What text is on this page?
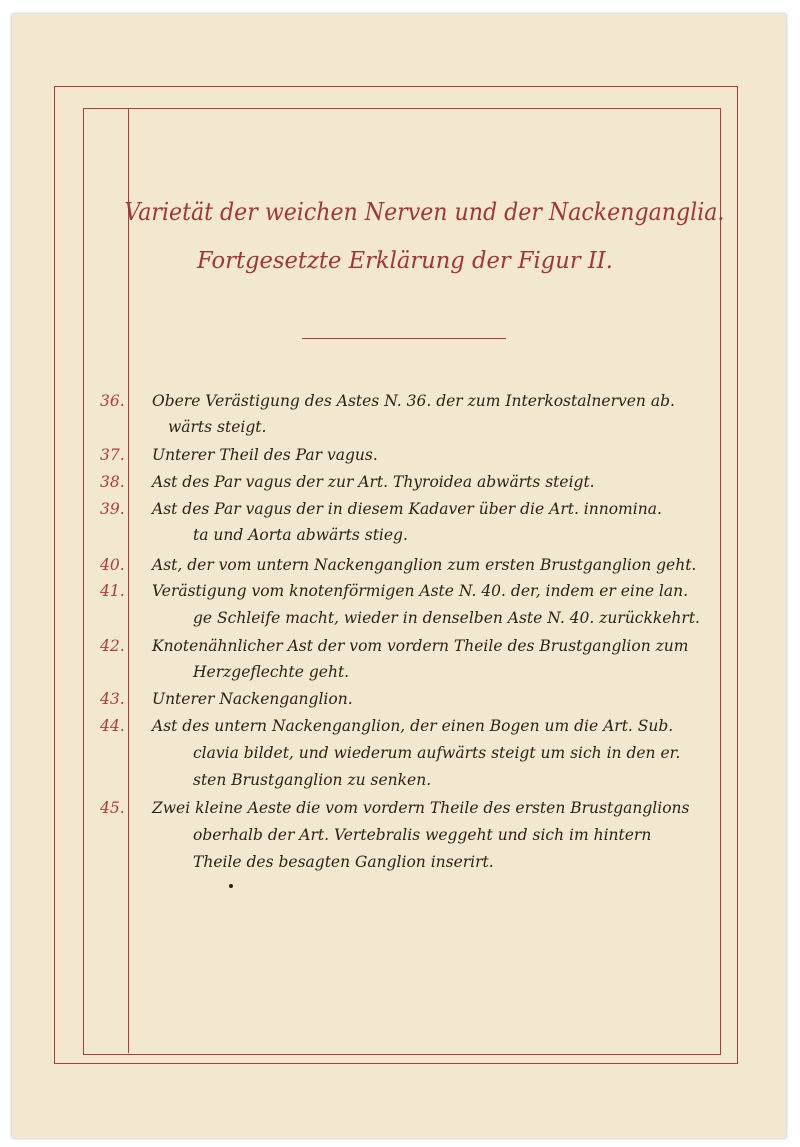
Varietät der weichen Nerven und der Nackenganglia.
Fortgesetzte Erklärung der Figur II.
36. Obere Verästigung des Astes N. 36. der zum Interkostalnerven ab.
wärts steigt.
37. Unterer Theil des Par vagus.
38. Ast des Par vagus der zur Art. Thyroidea abwärts steigt.
39. Ast des Par vagus der in diesem Kadaver über die Art. innomina.
ta und Aorta abwärts stieg.
40. Ast, der vom untern Nackenganglion zum ersten Brustganglion geht.
41. Verästigung vom knotenförmigen Aste N. 40. der, indem er eine lan.
ge Schleife macht, wieder in denselben Aste N. 40. zurückkehrt.
42. Knotenähnlicher Ast der vom vordern Theile des Brustganglion zum
Herzgeflechte geht.
43. Unterer Nackenganglion.
44. Ast des untern Nackenganglion, der einen Bogen um die Art. Sub.
clavia bildet, und wiederum aufwärts steigt um sich in den er.
sten Brustganglion zu senken.
45. Zwei kleine Aeste die vom vordern Theile des ersten Brustganglions
oberhalb der Art. Vertebralis weggeht und sich im hintern
Theile des besagten Ganglion inserirt.
